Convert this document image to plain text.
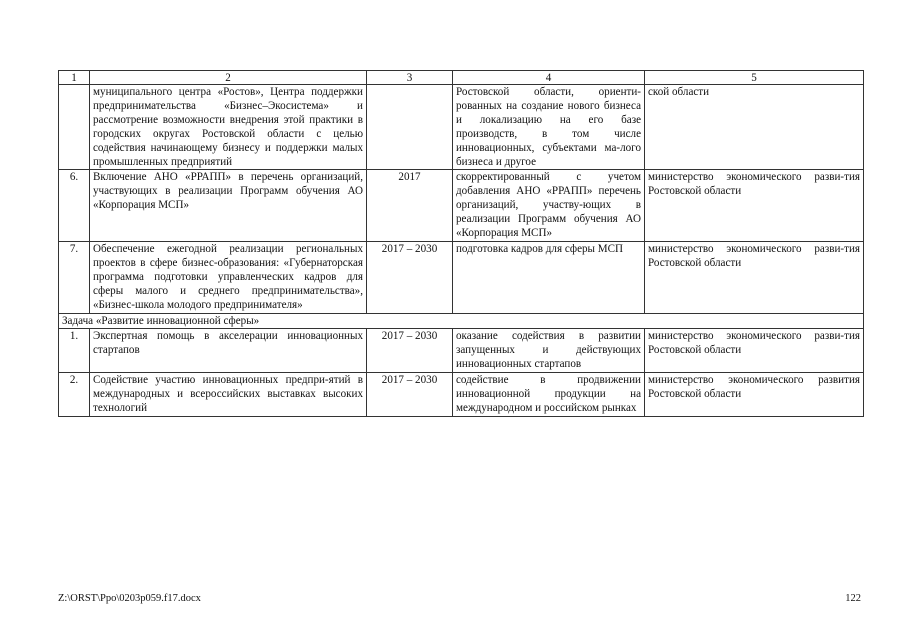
1	2	3	4	5
	муниципального центра «Ростов», Центра поддержки предпринимательства «Бизнес–Экосистема» и рассмотрение возможности внедрения этой практики в городских округах Ростовской области с целью содействия начинающему бизнесу и поддержки малых промышленных предприятий		Ростовской области, ориенти-рованных на создание нового бизнеса и локализацию на его базе производств, в том числе инновационных, субъектами ма-лого бизнеса и другое	ской области
6.	Включение АНО «РРАПП» в перечень организаций, участвующих в реализации Программ обучения АО «Корпорация МСП»	2017	скорректированный с учетом добавления АНО «РРАПП» перечень организаций, участву-ющих в реализации Программ обучения АО «Корпорация МСП»	министерство экономического разви-тия Ростовской области
7.	Обеспечение ежегодной реализации региональных проектов в сфере бизнес-образования: «Губернаторская программа подготовки управленческих кадров для сферы малого и среднего предпринимательства», «Бизнес-школа молодого предпринимателя»	2017 – 2030	подготовка кадров для сферы МСП	министерство экономического разви-тия Ростовской области
Задача «Развитие инновационной сферы»				
1.	Экспертная помощь в акселерации инновационных стартапов	2017 – 2030	оказание содействия в развитии запущенных и действующих инновационных стартапов	министерство экономического разви-тия Ростовской области
2.	Содействие участию инновационных предпри-ятий в международных и всероссийских выставках высоких технологий	2017 – 2030	содействие в продвижении инновационной продукции на международном и российском рынках	министерство экономического развития Ростовской области
Z:\ORST\Ppo\0203p059.f17.docx	122
